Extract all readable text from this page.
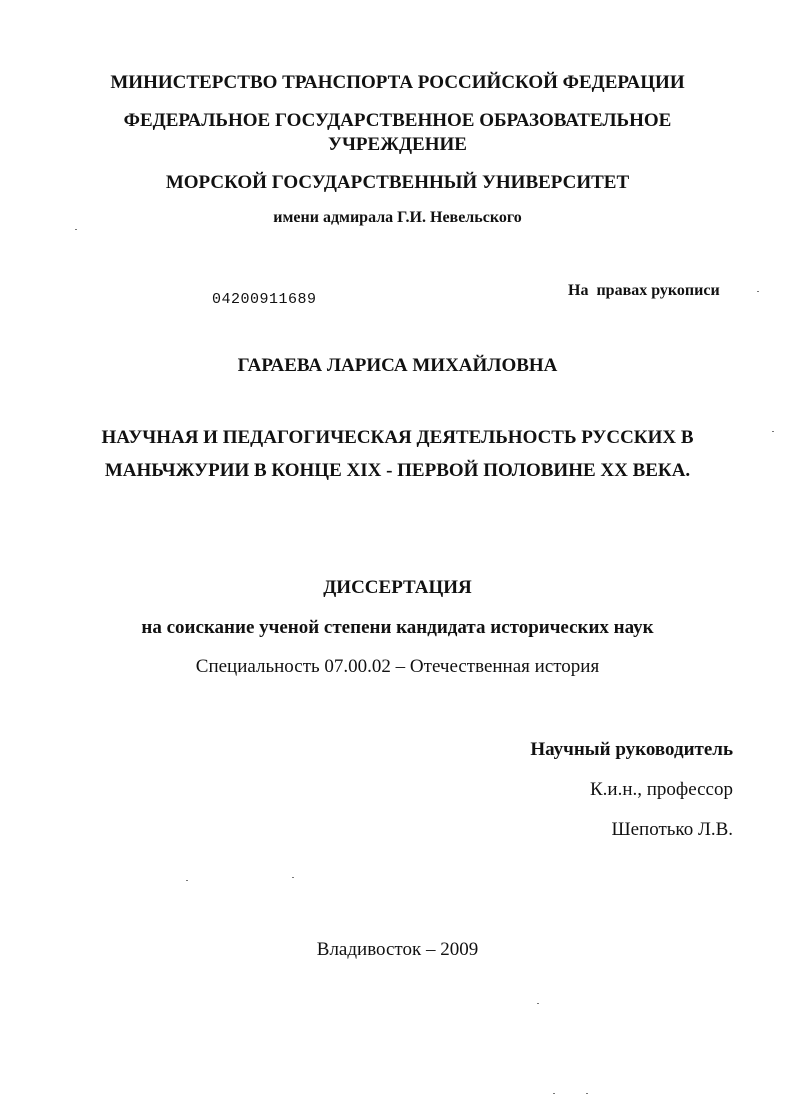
МИНИСТЕРСТВО ТРАНСПОРТА РОССИЙСКОЙ ФЕДЕРАЦИИ
ФЕДЕРАЛЬНОЕ ГОСУДАРСТВЕННОЕ ОБРАЗОВАТЕЛЬНОЕ
УЧРЕЖДЕНИЕ
МОРСКОЙ ГОСУДАРСТВЕННЫЙ УНИВЕРСИТЕТ
имени адмирала Г.И. Невельского
04200911689
На  правах рукописи
ГАРАЕВА ЛАРИСА МИХАЙЛОВНА
НАУЧНАЯ И ПЕДАГОГИЧЕСКАЯ ДЕЯТЕЛЬНОСТЬ РУССКИХ В
МАНЬЧЖУРИИ В КОНЦЕ XIX - ПЕРВОЙ ПОЛОВИНЕ XX ВЕКА.
ДИССЕРТАЦИЯ
на соискание ученой степени кандидата исторических наук
Специальность 07.00.02 – Отечественная история
Научный руководитель
К.и.н., профессор
Шепотько Л.В.
Владивосток – 2009
